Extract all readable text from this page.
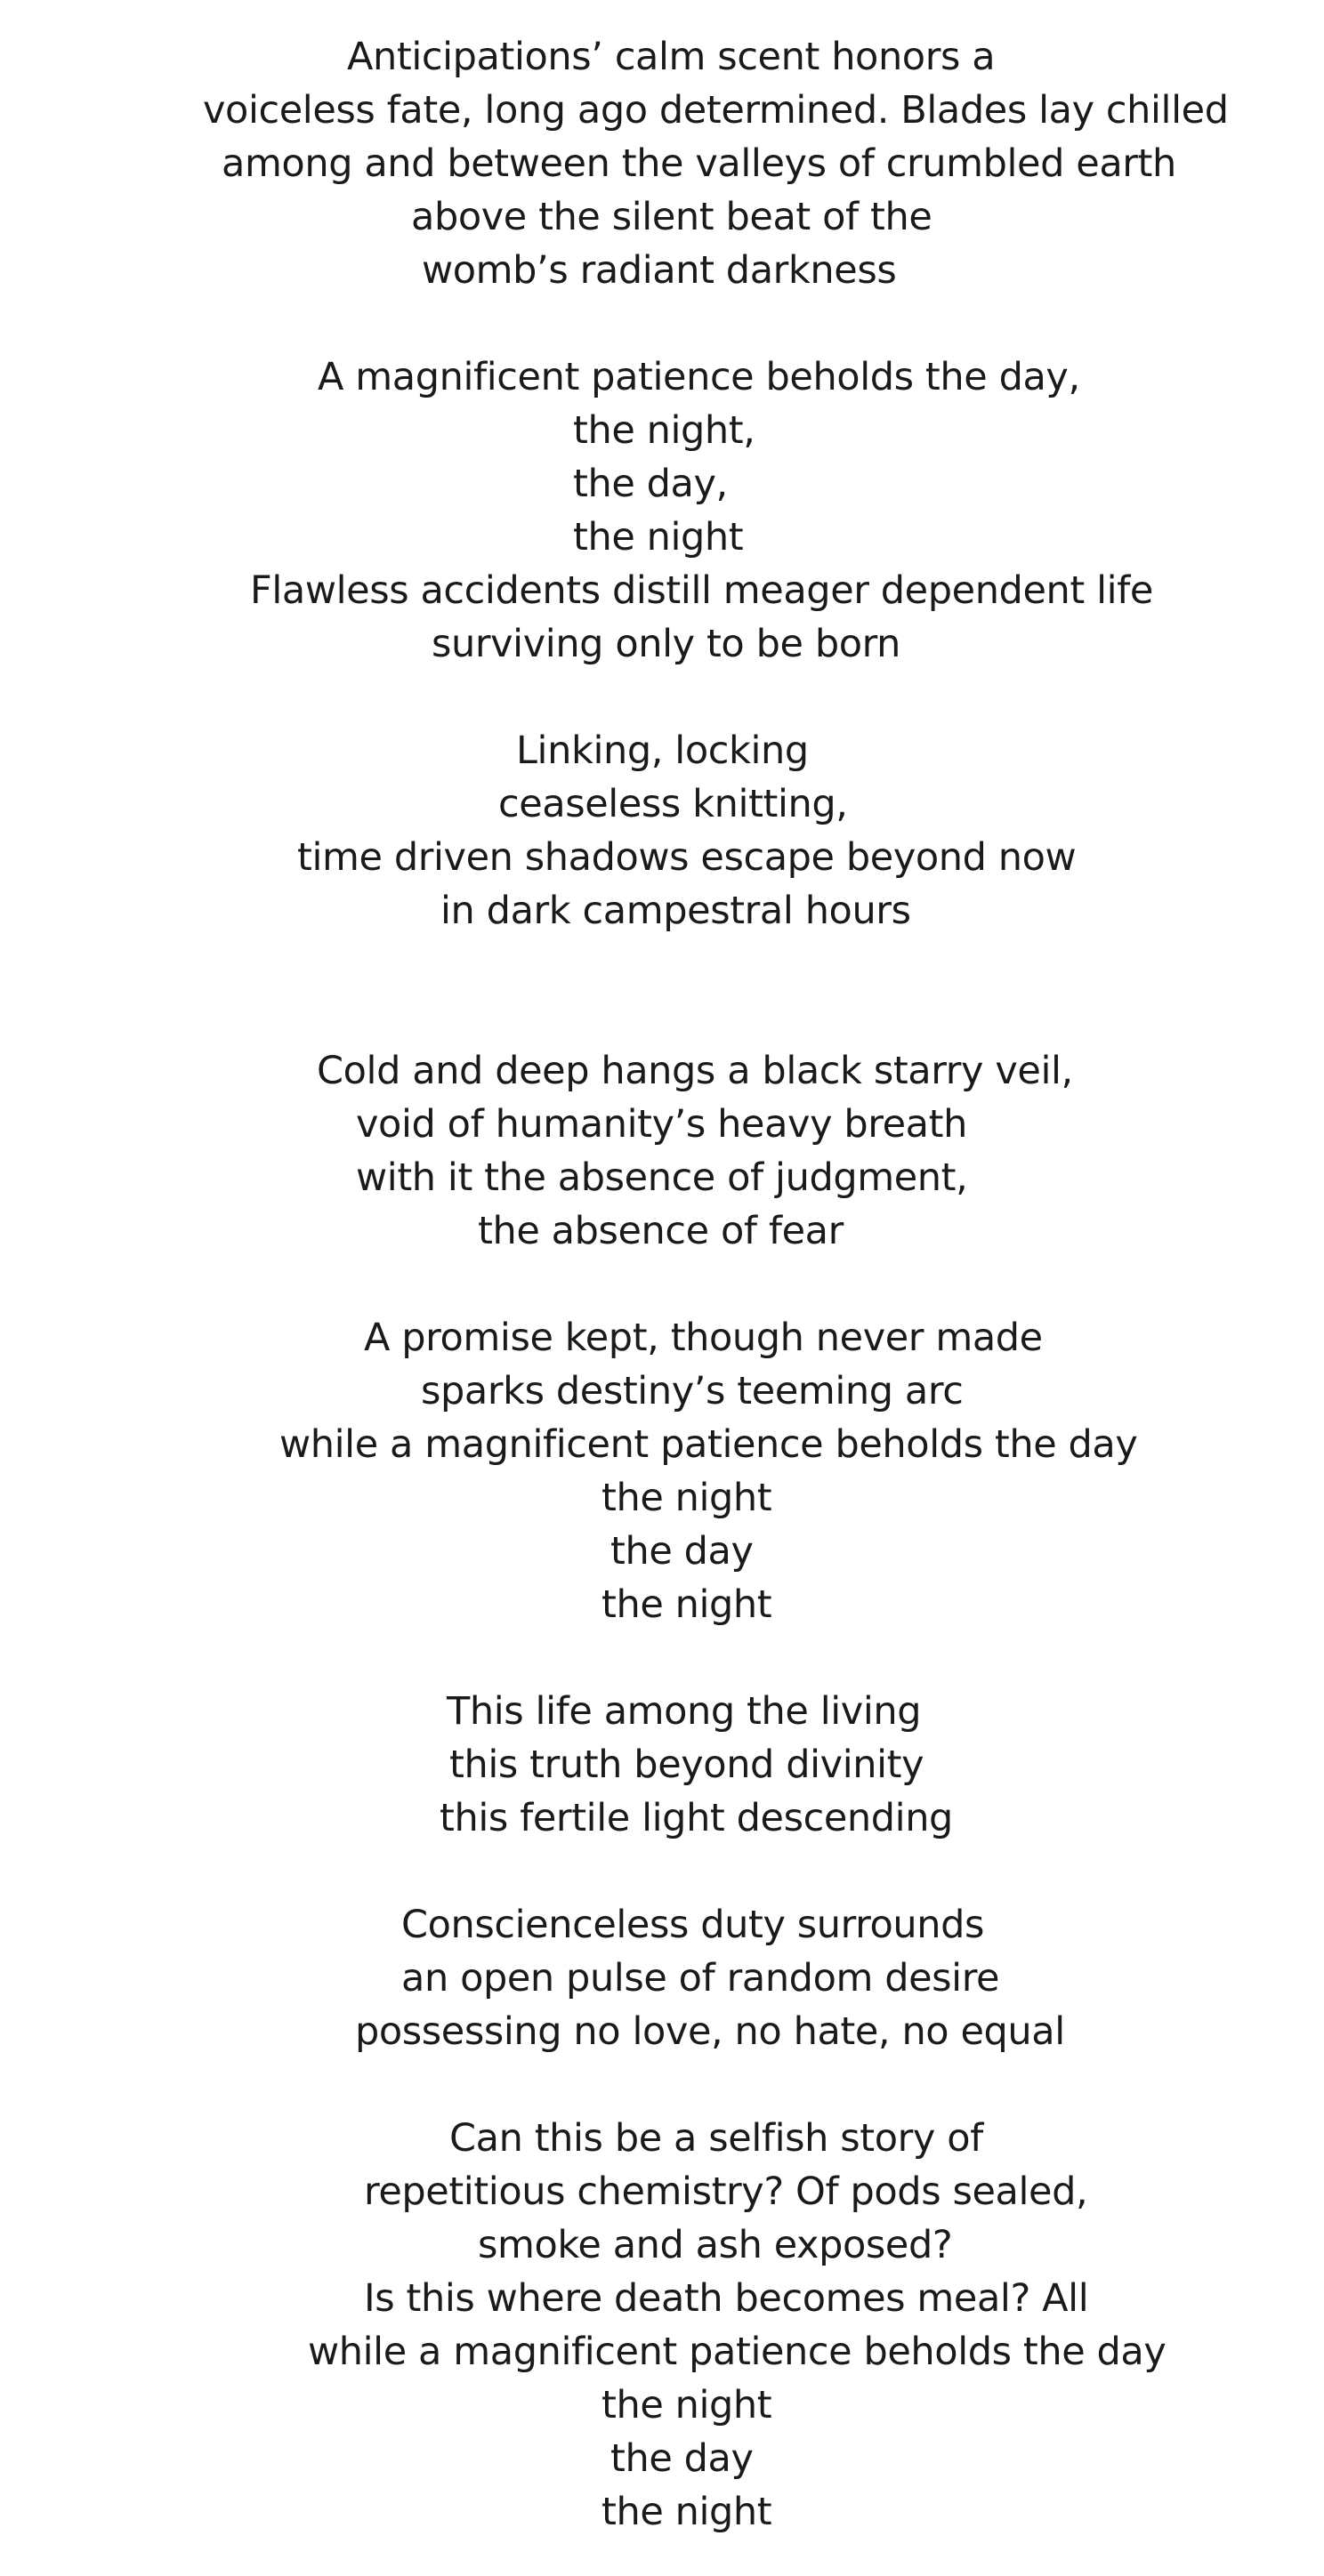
Anticipations’ calm scent honors a
voiceless fate, long ago determined. Blades lay chilled
among and between the valleys of crumbled earth
above the silent beat of the
womb’s radiant darkness
A magnificent patience beholds the day,
the night,
the day,
the night
Flawless accidents distill meager dependent life
surviving only to be born
Linking, locking
ceaseless knitting,
time driven shadows escape beyond now
in dark campestral hours
Cold and deep hangs a black starry veil,
void of humanity’s heavy breath
with it the absence of judgment,
the absence of fear
A promise kept, though never made
sparks destiny’s teeming arc
while a magnificent patience beholds the day
the night
the day
the night
This life among the living
this truth beyond divinity
this fertile light descending
Conscienceless duty surrounds
an open pulse of random desire
possessing no love, no hate, no equal
Can this be a selfish story of
repetitious chemistry? Of pods sealed,
smoke and ash exposed?
Is this where death becomes meal? All
while a magnificent patience beholds the day
the night
the day
the night
